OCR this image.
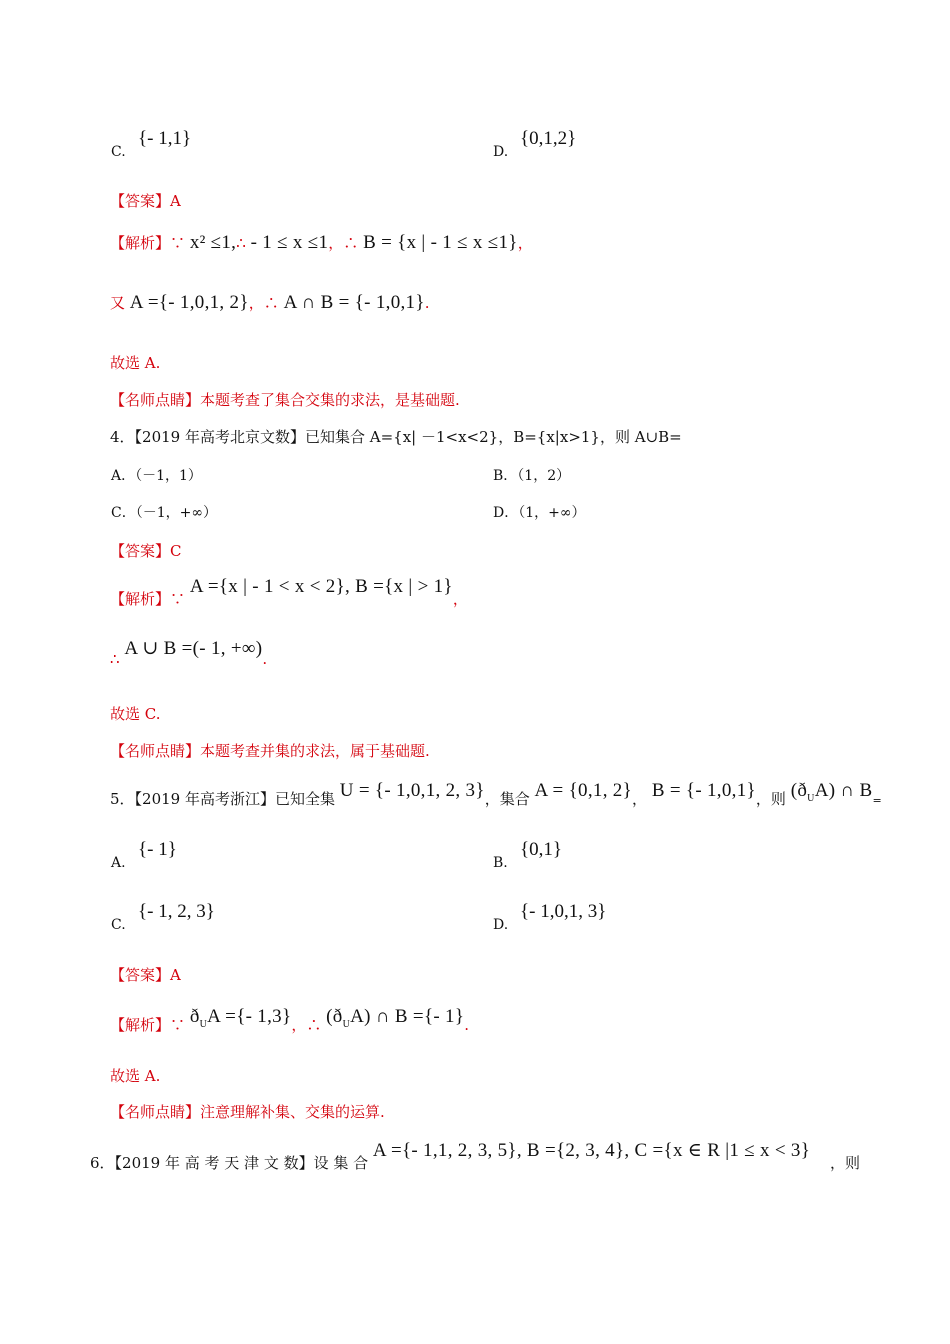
C.
{- 1,1}
D.
{0,1,2}
【答案】A
【解析】∵ x² ≤1,∴ - 1 ≤ x ≤1，∴ B = {x | - 1 ≤ x ≤1}，
又 A ={- 1,0,1, 2}，∴ A ∩ B = {- 1,0,1}.
故选 A.
【名师点睛】本题考查了集合交集的求法，是基础题.
4．【2019 年高考北京文数】已知集合 A={x| －1<x<2}，B={x|x>1}，则 A∪B=
A．（－1，1）	B．（1，2）
C．（－1，+∞）	D．（1，+∞）
【答案】C
【解析】∵ A ={x | - 1 < x < 2}, B ={x | > 1}，
∴ A ∪ B =(- 1, +∞).
故选 C.
【名师点睛】本题考查并集的求法，属于基础题.
5．【2019 年高考浙江】已知全集 U = {- 1,0,1, 2, 3}，集合 A = {0,1, 2}， B = {- 1,0,1}，则 $(ð_UA)$ ∩ B=
A.
{- 1}
B.
{0,1}
C.
{- 1, 2, 3}
D.
{- 1,0,1, 3}
【答案】A
【解析】∵ $ð_UA$ ={- 1,3}，∴ $(ð_UA)$ ∩ B ={- 1}.
故选 A.
【名师点睛】注意理解补集、交集的运算.
6．【2019 年 高 考 天 津 文 数】设 集 合 A ={- 1,1, 2, 3, 5}, B ={2, 3, 4}, C ={x ∈ R |1 ≤ x < 3}
，则
